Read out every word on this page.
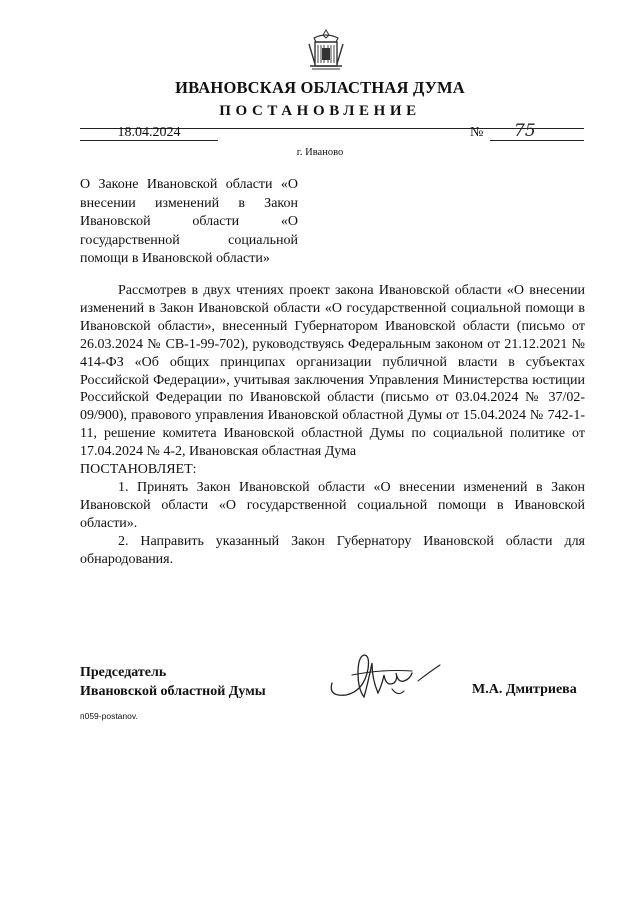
ИВАНОВСКАЯ ОБЛАСТНАЯ ДУМА
ПОСТАНОВЛЕНИЕ
18.04.2024	№ 75
г. Иваново
О Законе Ивановской области «О внесении изменений в Закон Ивановской области «О государственной социальной помощи в Ивановской области»

Рассмотрев в двух чтениях проект закона Ивановской области «О внесении изменений в Закон Ивановской области «О государственной социальной помощи в Ивановской области», внесенный Губернатором Ивановской области (письмо от 26.03.2024 № СВ-1-99-702), руководствуясь Федеральным законом от 21.12.2021 № 414-ФЗ «Об общих принципах организации публичной власти в субъектах Российской Федерации», учитывая заключения Управления Министерства юстиции Российской Федерации по Ивановской области (письмо от 03.04.2024 № 37/02-09/900), правового управления Ивановской областной Думы от 15.04.2024 № 742-1-11, решение комитета Ивановской областной Думы по социальной политике от 17.04.2024 № 4-2, Ивановская областная Дума

ПОСТАНОВЛЯЕТ:

1. Принять Закон Ивановской области «О внесении изменений в Закон Ивановской области «О государственной социальной помощи в Ивановской области».

2. Направить указанный Закон Губернатору Ивановской области для обнародования.

Председатель
Ивановской областной Думы	М.А. Дмитриева
п059-postanov.
